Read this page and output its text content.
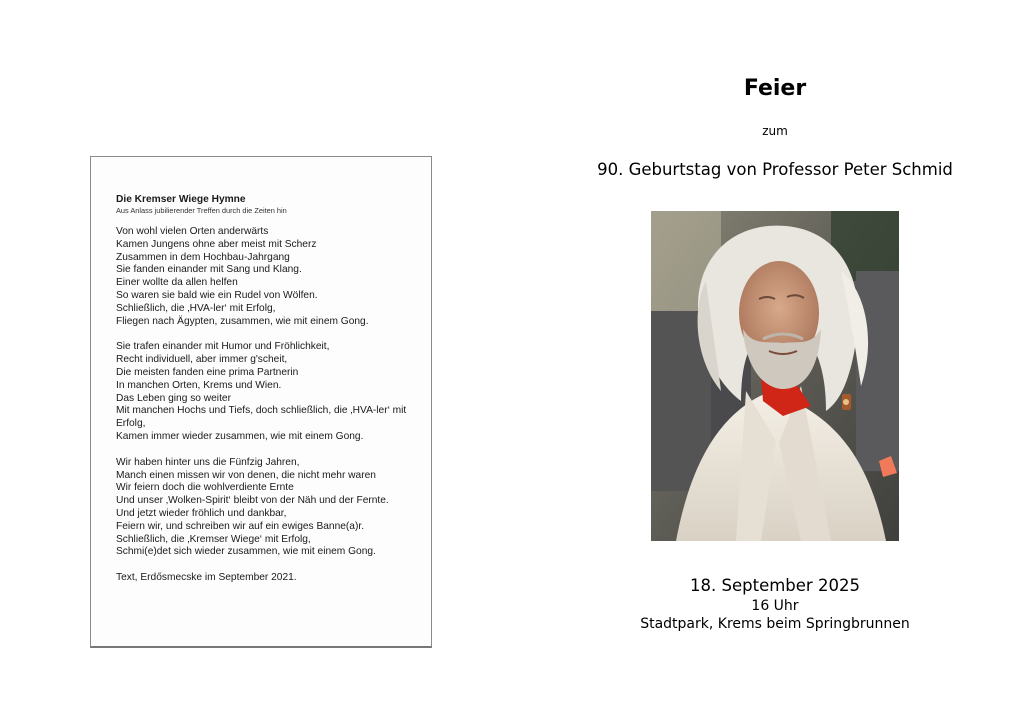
Die Kremser Wiege Hymne
Aus Anlass jubilierender Treffen durch die Zeiten hin
Von wohl vielen Orten anderwärts
Kamen Jungens ohne aber meist mit Scherz
Zusammen in dem Hochbau-Jahrgang
Sie fanden einander mit Sang und Klang.
Einer wollte da allen helfen
So waren sie bald wie ein Rudel von Wölfen.
Schließlich, die ‚HVA-ler‘ mit Erfolg,
Fliegen nach Ägypten, zusammen, wie mit einem Gong.
Sie trafen einander mit Humor und Fröhlichkeit,
Recht individuell, aber immer g'scheit,
Die meisten fanden eine prima Partnerin
In manchen Orten, Krems und Wien.
Das Leben ging so weiter
Mit manchen Hochs und Tiefs, doch schließlich, die ‚HVA-ler‘ mit Erfolg,
Kamen immer wieder zusammen, wie mit einem Gong.
Wir haben hinter uns die Fünfzig Jahren,
Manch einen missen wir von denen, die nicht mehr waren
Wir feiern doch die wohlverdiente Ernte
Und unser ‚Wolken-Spirit‘ bleibt von der Näh und der Fernte.
Und jetzt wieder fröhlich und dankbar,
Feiern wir, und schreiben wir auf ein ewiges Banne(a)r.
Schließlich, die ‚Kremser Wiege‘ mit Erfolg,
Schmi(e)det sich wieder zusammen, wie mit einem Gong.
Text, Erdősmecske im September 2021.
Feier
zum
90. Geburtstag von Professor Peter Schmid
18. September 2025
16 Uhr
Stadtpark, Krems beim Springbrunnen
